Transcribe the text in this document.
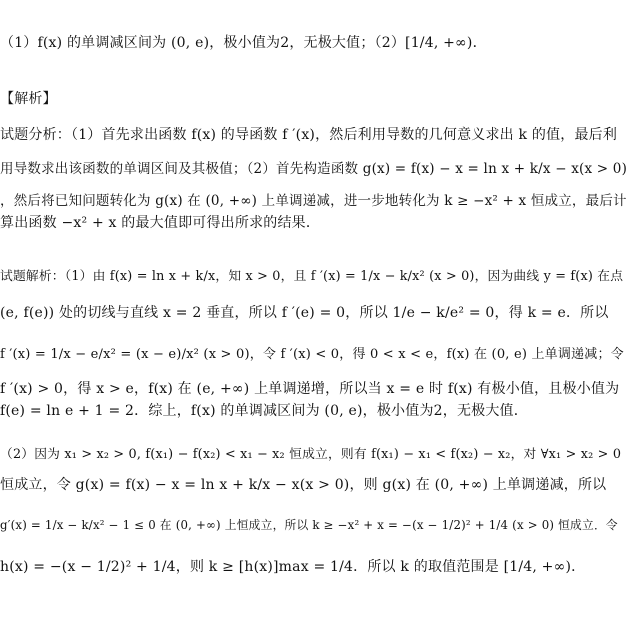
（1）f(x) 的单调减区间为 (0, e)，极小值为2，无极大值；（2）[1/4, +∞)．
【解析】
试题分析：（1）首先求出函数 f(x) 的导函数 f ′(x)，然后利用导数的几何意义求出 k 的值，最后利
用导数求出该函数的单调区间及其极值；（2）首先构造函数 g(x) = f(x) − x = ln x + k/x − x(x > 0)
，然后将已知问题转化为 g(x) 在 (0, +∞) 上单调递减，进一步地转化为 k ≥ −x² + x 恒成立，最后计
算出函数 −x² + x 的最大值即可得出所求的结果．
试题解析：（1）由 f(x) = ln x + k/x，知 x > 0，且 f ′(x) = 1/x − k/x² (x > 0)，因为曲线 y = f(x) 在点
(e, f(e)) 处的切线与直线 x = 2 垂直，所以 f ′(e) = 0，所以 1/e − k/e² = 0，得 k = e．所以
f ′(x) = 1/x − e/x² = (x − e)/x² (x > 0)，令 f ′(x) < 0，得 0 < x < e，f(x) 在 (0, e) 上单调递减；令
f ′(x) > 0，得 x > e，f(x) 在 (e, +∞) 上单调递增，所以当 x = e 时 f(x) 有极小值，且极小值为
f(e) = ln e + 1 = 2．综上，f(x) 的单调减区间为 (0, e)，极小值为2，无极大值．
（2）因为 x₁ > x₂ > 0, f(x₁) − f(x₂) < x₁ − x₂ 恒成立，则有 f(x₁) − x₁ < f(x₂) − x₂，对 ∀x₁ > x₂ > 0
恒成立，令 g(x) = f(x) − x = ln x + k/x − x(x > 0)，则 g(x) 在 (0, +∞) 上单调递减，所以
g′(x) = 1/x − k/x² − 1 ≤ 0 在 (0, +∞) 上恒成立，所以 k ≥ −x² + x = −(x − 1/2)² + 1/4 (x > 0) 恒成立．令
h(x) = −(x − 1/2)² + 1/4，则 k ≥ [h(x)]max = 1/4．所以 k 的取值范围是 [1/4, +∞)．
